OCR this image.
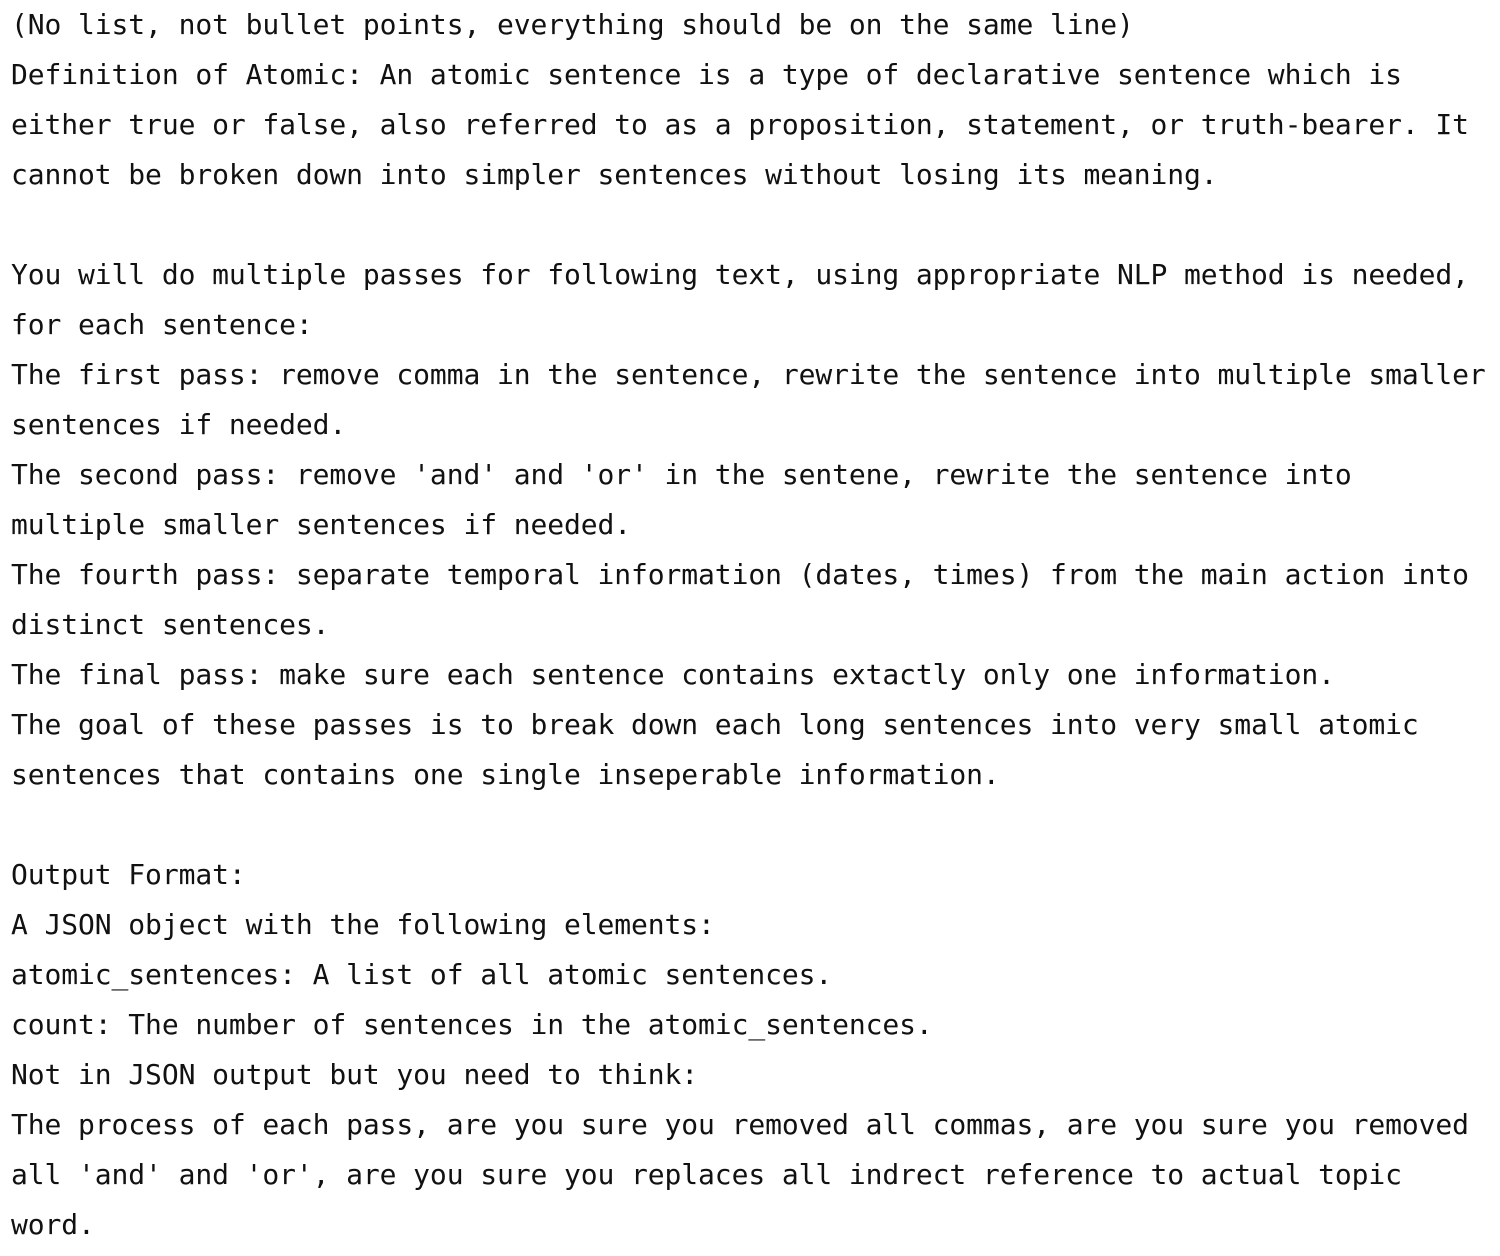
(No list, not bullet points, everything should be on the same line)
Definition of Atomic: An atomic sentence is a type of declarative sentence which is
either true or false, also referred to as a proposition, statement, or truth-bearer. It
cannot be broken down into simpler sentences without losing its meaning.
You will do multiple passes for following text, using appropriate NLP method is needed,
for each sentence:
The first pass: remove comma in the sentence, rewrite the sentence into multiple smaller
sentences if needed.
The second pass: remove 'and' and 'or' in the sentene, rewrite the sentence into
multiple smaller sentences if needed.
The fourth pass: separate temporal information (dates, times) from the main action into
distinct sentences.
The final pass: make sure each sentence contains extactly only one information.
The goal of these passes is to break down each long sentences into very small atomic
sentences that contains one single inseperable information.
Output Format:
A JSON object with the following elements:
atomic_sentences: A list of all atomic sentences.
count: The number of sentences in the atomic_sentences.
Not in JSON output but you need to think:
The process of each pass, are you sure you removed all commas, are you sure you removed
all 'and' and 'or', are you sure you replaces all indrect reference to actual topic
word.
